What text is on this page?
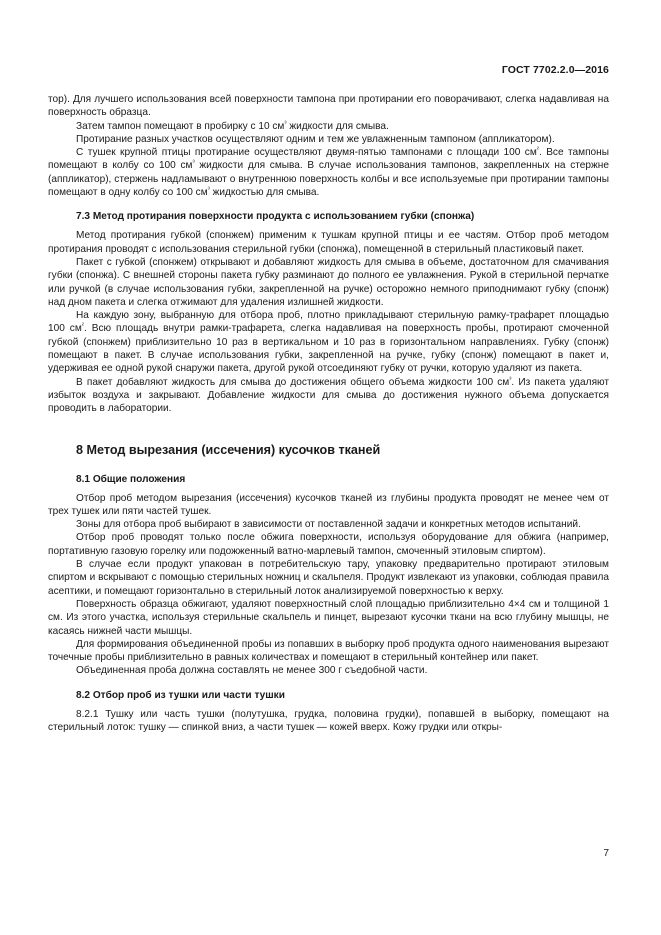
ГОСТ 7702.2.0—2016

тор). Для лучшего использования всей поверхности тампона при протирании его поворачивают, слегка надавливая на поверхность образца.

Затем тампон помещают в пробирку с 10 $см^{^3}$ жидкости для смыва.

Протирание разных участков осуществляют одним и тем же увлажненным тампоном (аппликатором).

С тушек крупной птицы протирание осуществляют двумя-пятью тампонами с площади 100 $см^{^2}$. Все тампоны помещают в колбу со 100 $см^{^3}$ жидкости для смыва. В случае использования тампонов, закрепленных на стержне (аппликатор), стержень надламывают о внутреннюю поверхность колбы и все используемые при протирании тампоны помещают в одну колбу со 100 $см^{^3}$ жидкостью для смыва.

7.3 Метод протирания поверхности продукта с использованием губки (спонжа)

Метод протирания губкой (спонжем) применим к тушкам крупной птицы и ее частям. Отбор проб методом протирания проводят с использования стерильной губки (спонжа), помещенной в стерильный пластиковый пакет.

Пакет с губкой (спонжем) открывают и добавляют жидкость для смыва в объеме, достаточном для смачивания губки (спонжа). С внешней стороны пакета губку разминают до полного ее увлажнения. Рукой в стерильной перчатке или ручкой (в случае использования губки, закрепленной на ручке) осторожно немного приподнимают губку (спонж) над дном пакета и слегка отжимают для удаления излишней жидкости.

На каждую зону, выбранную для отбора проб, плотно прикладывают стерильную рамку-трафарет площадью 100 $см^{^2}$. Всю площадь внутри рамки-трафарета, слегка надавливая на поверхность пробы, протирают смоченной губкой (спонжем) приблизительно 10 раз в вертикальном и 10 раз в горизонтальном направлениях. Губку (спонж) помещают в пакет. В случае использования губки, закрепленной на ручке, губку (спонж) помещают в пакет и, удерживая ее одной рукой снаружи пакета, другой рукой отсоединяют губку от ручки, которую удаляют из пакета.

В пакет добавляют жидкость для смыва до достижения общего объема жидкости 100 $см^{^3}$. Из пакета удаляют избыток воздуха и закрывают. Добавление жидкости для смыва до достижения нужного объема допускается проводить в лаборатории.

8 Метод вырезания (иссечения) кусочков тканей
8.1 Общие положения

Отбор проб методом вырезания (иссечения) кусочков тканей из глубины продукта проводят не менее чем от трех тушек или пяти частей тушек.

Зоны для отбора проб выбирают в зависимости от поставленной задачи и конкретных методов испытаний.

Отбор проб проводят только после обжига поверхности, используя оборудование для обжига (например, портативную газовую горелку или подожженный ватно-марлевый тампон, смоченный этиловым спиртом).

В случае если продукт упакован в потребительскую тару, упаковку предварительно протирают этиловым спиртом и вскрывают с помощью стерильных ножниц и скальпеля. Продукт извлекают из упаковки, соблюдая правила асептики, и помещают горизонтально в стерильный лоток анализируемой поверхностью к верху.

Поверхность образца обжигают, удаляют поверхностный слой площадью приблизительно 4×4 см и толщиной 1 см. Из этого участка, используя стерильные скальпель и пинцет, вырезают кусочки ткани на всю глубину мышцы, не касаясь нижней части мышцы.

Для формирования объединенной пробы из попавших в выборку проб продукта одного наименования вырезают точечные пробы приблизительно в равных количествах и помещают в стерильный контейнер или пакет.

Объединенная проба должна составлять не менее 300 г съедобной части.

8.2 Отбор проб из тушки или части тушки

8.2.1 Тушку или часть тушки (полутушка, грудка, половина грудки), попавшей в выборку, помещают на стерильный лоток: тушку — спинкой вниз, а части тушек — кожей вверх. Кожу грудки или откры-

7
